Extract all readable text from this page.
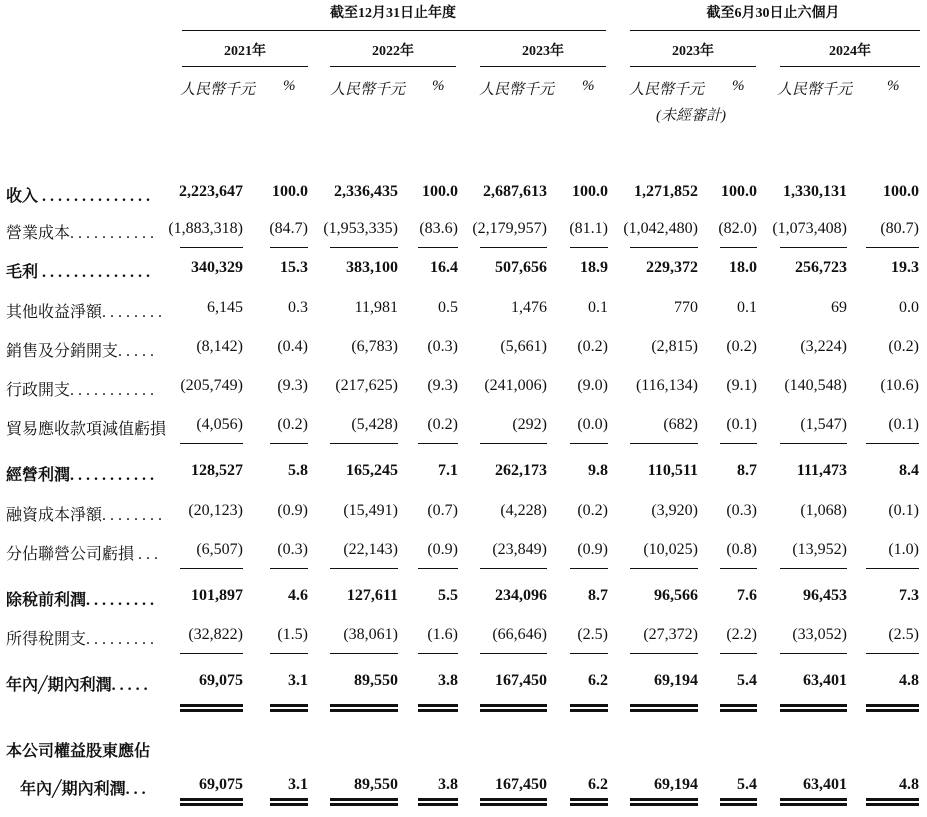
截至12月31日止年度	截至6月30日止六個月
2021年	2022年	2023年	2023年	2024年
人民幣千元 % 人民幣千元 % 人民幣千元 % 人民幣千元 % 人民幣千元 %
(未經審計)
收入 . . . . . . . . . . . . . .	2,223,647	100.0	2,336,435	100.0	2,687,613	100.0	1,271,852	100.0	1,330,131	100.0
營業成本. . . . . . . . . . . (1,883,318)	(84.7) (1,953,335)	(83.6) (2,179,957)	(81.1) (1,042,480)	(82.0) (1,073,408)	(80.7)
毛利 . . . . . . . . . . . . . .	340,329	15.3	383,100	16.4	507,656	18.9	229,372	18.0	256,723	19.3
其他收益淨額. . . . . . . .	6,145	0.3	11,981	0.5	1,476	0.1	770	0.1	69	0.0
銷售及分銷開支. . . . .	(8,142)	(0.4)	(6,783)	(0.3)	(5,661)	(0.2)	(2,815)	(0.2)	(3,224)	(0.2)
行政開支. . . . . . . . . . .	(205,749)	(9.3)	(217,625)	(9.3)	(241,006)	(9.0)	(116,134)	(9.1)	(140,548)	(10.6)
貿易應收款項減值虧損	(4,056)	(0.2)	(5,428)	(0.2)	(292)	(0.0)	(682)	(0.1)	(1,547)	(0.1)
經營利潤. . . . . . . . . . .	128,527	5.8	165,245	7.1	262,173	9.8	110,511	8.7	111,473	8.4
融資成本淨額. . . . . . . .	(20,123)	(0.9)	(15,491)	(0.7)	(4,228)	(0.2)	(3,920)	(0.3)	(1,068)	(0.1)
分佔聯營公司虧損 . . .	(6,507)	(0.3)	(22,143)	(0.9)	(23,849)	(0.9)	(10,025)	(0.8)	(13,952)	(1.0)
除稅前利潤. . . . . . . . .	101,897	4.6	127,611	5.5	234,096	8.7	96,566	7.6	96,453	7.3
所得稅開支. . . . . . . . .	(32,822)	(1.5)	(38,061)	(1.6)	(66,646)	(2.5)	(27,372)	(2.2)	(33,052)	(2.5)
年內╱期內利潤. . . . .	69,075	3.1	89,550	3.8	167,450	6.2	69,194	5.4	63,401	4.8
本公司權益股東應佔
年內╱期內利潤. . .	69,075	3.1	89,550	3.8	167,450	6.2	69,194	5.4	63,401	4.8
